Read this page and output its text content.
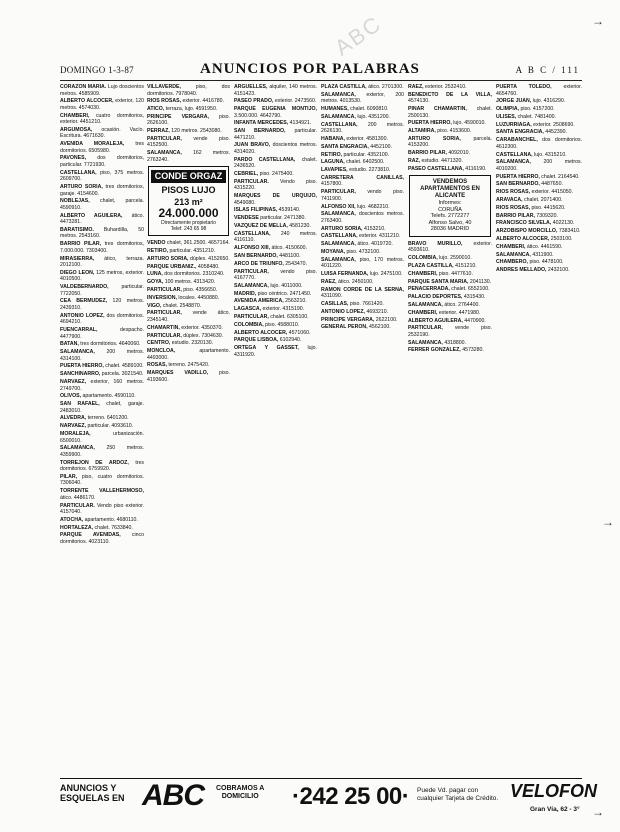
DOMINGO 1-3-87	ANUNCIOS POR PALABRAS	A B C / 111
ABC	→
→
→

CORAZON MARIA. Lujo doscientos metros. 4585909.

ALBERTO ALCOCER, exterior, 120 metros. 4574030.

CHAMBERI, cuatro dormitorios, exterior. 4451210.

ARGUMOSA, ocasión. Vacío. Escritura. 4671630.

AVENIDA MORALEJA, tres dormitorios. 6505980.

PAVONES, dos dormitorios, particular. 7721930.

CASTELLANA, piso, 375 metros. 2609700.

ARTURO SORIA, tres dormitorios, garaje. 4154600.

NOBLEJAS, chalet, parcela. 4590910.

ALBERTO AGUILERA, ático. 4473281.

BARATISIMO. Buhardilla, 50 metros. 2543160.

BARRIO PILAR, tres dormitorios, 7.000.000. 7303400.

MIRASIERRA, ático, terraza. 2012100.

DIEGO LEON, 125 metros, exterior. 4010500.

VALDEBERNARDO, particular. 7722050.

CEA BERMUDEZ, 120 metros. 2439310.

ANTONIO LOPEZ, dos dormitorios. 4694210.

FUENCARRAL, despacho. 4477900.

BATAN, tres dormitorios. 4640060.

SALAMANCA, 200 metros. 4314100.

PUERTA HIERRO, chalet. 4589100.

SANCHINARRO, parcela. 3021540.

NARVAEZ, exterior, 160 metros. 2749700.

OLIVOS, apartamento. 4590110.

SAN RAFAEL, chalet, garaje. 2483010.

ALVEDRA, terreno. 6401200.

NARVAEZ, particular. 4093610.

MORALEJA, urbanización. 6500010.

SALAMANCA, 250 metros. 4359900.

TORREJON DE ARDOZ, tres dormitorios. 6759920.

PILAR, piso, cuatro dormitorios. 7306040.

TORRENTE VALLEHERMOSO, ático. 4486170.

PARTICULAR. Vendo piso exterior. 4157040.

ATOCHA, apartamento. 4680110.

HORTALEZA, chalet. 7633840.

PARQUE AVENIDAS, cinco dormitorios. 4023110.

VILLAVERDE, piso, dos dormitorios. 7978040.

RIOS ROSAS, exterior. 4416780.

ATICO, terraza, lujo. 4591950.

PRINCIPE VERGARA, piso. 2626100.

PERRAZ, 120 metros. 2543080.

PARTICULAR, vende piso. 4152500.

SALAMANCA, 162 metros. 2763240.

CONDE ORGAZ
PISOS LUJO
213 m²
24.000.000
Directamente propietario
Telef. 243 65 98

VENDO chalet, 361.2500. 4657164.

RETIRO, particular. 4351210.

ARTURO SORIA, dúplex. 4152650.

PARQUE URBANIZ., 4058480.

LUNA, dos dormitorios. 2310240.

GOYA, 100 metros. 4313420.

PARTICULAR, piso. 4356650.

INVERSION, locales. 4450880.

VIGO, chalet. 2548870.

PARTICULAR, vende ático. 2345140.

CHAMARTIN, exterior. 4350370.

PARTICULAR, dúplex. 7304630.

CENTRO, estudio. 2320130.

MONCLOA, apartamento. 4493000.

ROSAS, terreno. 2475420.

MARQUES VADILLO, piso. 4193600.

ARGUELLES, alquiler, 140 metros. 4151423.

PASEO PRADO, exterior. 2473560.

PARQUE EUGENIA MONTIJO, 3.500.000. 4642790.

INFANTA MERCEDES, 4134921.

SAN BERNARDO, particular. 4471210.

JUAN BRAVO, doscientos metros. 4314020.

PARDO CASTELLANA, chalet. 2436520.

CEBRIEL, piso. 2475400.

PARTICULAR. Vendo piso. 4315220.

MARQUES DE URQUIJO, 4549080.

ISLAS FILIPINAS, 4539140.

VENDESE particular. 2471380.

VAZQUEZ DE MELLA, 4581230.

CASTELLANA, 240 metros. 4116110.

ALFONSO XIII, ático. 4150600.

SAN BERNARDO, 4481100.

ARCO DE TRIUNFO, 2543470.

PARTICULAR, vendo piso. 4167770.

SALAMANCA, lujo. 4011000.

MADRID, piso céntrico. 2471450.

AVENIDA AMERICA, 2563210.

LAGASCA, exterior. 4315190.

PARTICULAR, chalet. 6305100.

COLOMBIA, piso. 4588010.

ALBERTO ALCOCER, 4571060.

PARQUE LISBOA, 6102940.

ORTEGA Y GASSET, lujo. 4311920.

PLAZA CASTILLA, ático. 2701300.

SALAMANCA, exterior, 200 metros. 4013530.

HUMANES, chalet. 6090810.

SALAMANCA, lujo. 4351200.

CASTELLANA, 200 metros. 2626130.

HABANA, exterior. 4581300.

SANTA ENGRACIA, 4452100.

RETIRO, particular. 4352100.

LAGUNA, chalet. 6402500.

LAVAPIES, estudio. 2273810.

CARRETERA CANILLAS, 4157800.

PARTICULAR, vendo piso. 7411900.

ALFONSO XII, lujo. 4682210.

SALAMANCA, doscientos metros. 2763400.

ARTURO SORIA, 4153210.

CASTELLANA, exterior. 4311210.

SALAMANCA, ático. 4019720.

MOYANA, piso. 4732100.

SALAMANCA, piso, 170 metros. 4011220.

LUISA FERNANDA, lujo. 2475100.

RAEZ, ático. 2450100.

RAMON CORDE DE LA SERNA, 4311090.

CASILLAS, piso. 7661420.

ANTONIO LOPEZ, 4693210.

PRINCIPE VERGARA, 2622100.

GENERAL PERON, 4562100.

RAEZ, exterior. 2532410.

BENEDICTO DE LA VILLA, 4574130.

PINAR CHAMARTIN, chalet. 2500130.

PUERTA HIERRO, lujo. 4590010.

ALTAMIRA, piso. 4153600.

ARTURO SORIA, parcela. 4153200.

BARRIO PILAR, 4092010.

RAZ, estudio. 4471320.

PASEO CASTELLANA, 4116190.

VENDEMOS APARTAMENTOS EN ALICANTE
Informes:
CORUÑA
Telefs. 2772277
Alfonso Salvo, 40
28036 MADRID

BRAVO MURILLO, exterior. 4593610.

COLOMBIA, lujo. 2590010.

PLAZA CASTILLA, 4151210.

CHAMBERI, piso. 4477610.

PARQUE SANTA MARIA, 2041130.

PENACERRADA, chalet. 6552100.

PALACIO DEPORTES, 4315430.

SALAMANCA, ático. 2764400.

CHAMBERI, exterior. 4471980.

ALBERTO AGUILERA, 4470900.

PARTICULAR, vende piso. 2532190.

SALAMANCA, 4318800.

FERRER GONZALEZ, 4573280.

PUERTA TOLEDO, exterior. 4654760.

JORGE JUAN, lujo. 4316290.

OLIMPIA, piso. 4157200.

ULISES, chalet. 7481400.

LUZURRIAGA, exterior. 2508690.

SANTA ENGRACIA, 4452390.

CARABANCHEL, dos dormitorios. 4612300.

CASTELLANA, lujo. 4315210.

SALAMANCA, 200 metros. 4010200.

PUERTA HIERRO, chalet. 2164540.

SAN BERNARDO, 4487650.

RIOS ROSAS, exterior. 4415050.

ARAVACA, chalet. 2071400.

RIOS ROSAS, piso. 4415620.

BARRIO PILAR, 7309320.

FRANCISCO SILVELA, 4022130.

ARZOBISPO MORCILLO, 7383410.

ALBERTO ALCOCER, 2503100.

CHAMBERI, ático. 4461590.

SALAMANCA, 4311900.

CHAMBERO, piso. 4478100.

ANDRES MELLADO, 2432100.

ANUNCIOS Y
ESQUELAS EN ABC COBRAMOS A
DOMICILIO ·242 25 00· Puede Vd. pagar con
cualquier Tarjeta de Crédito. VELOFON
Gran Vía, 62 - 3°
